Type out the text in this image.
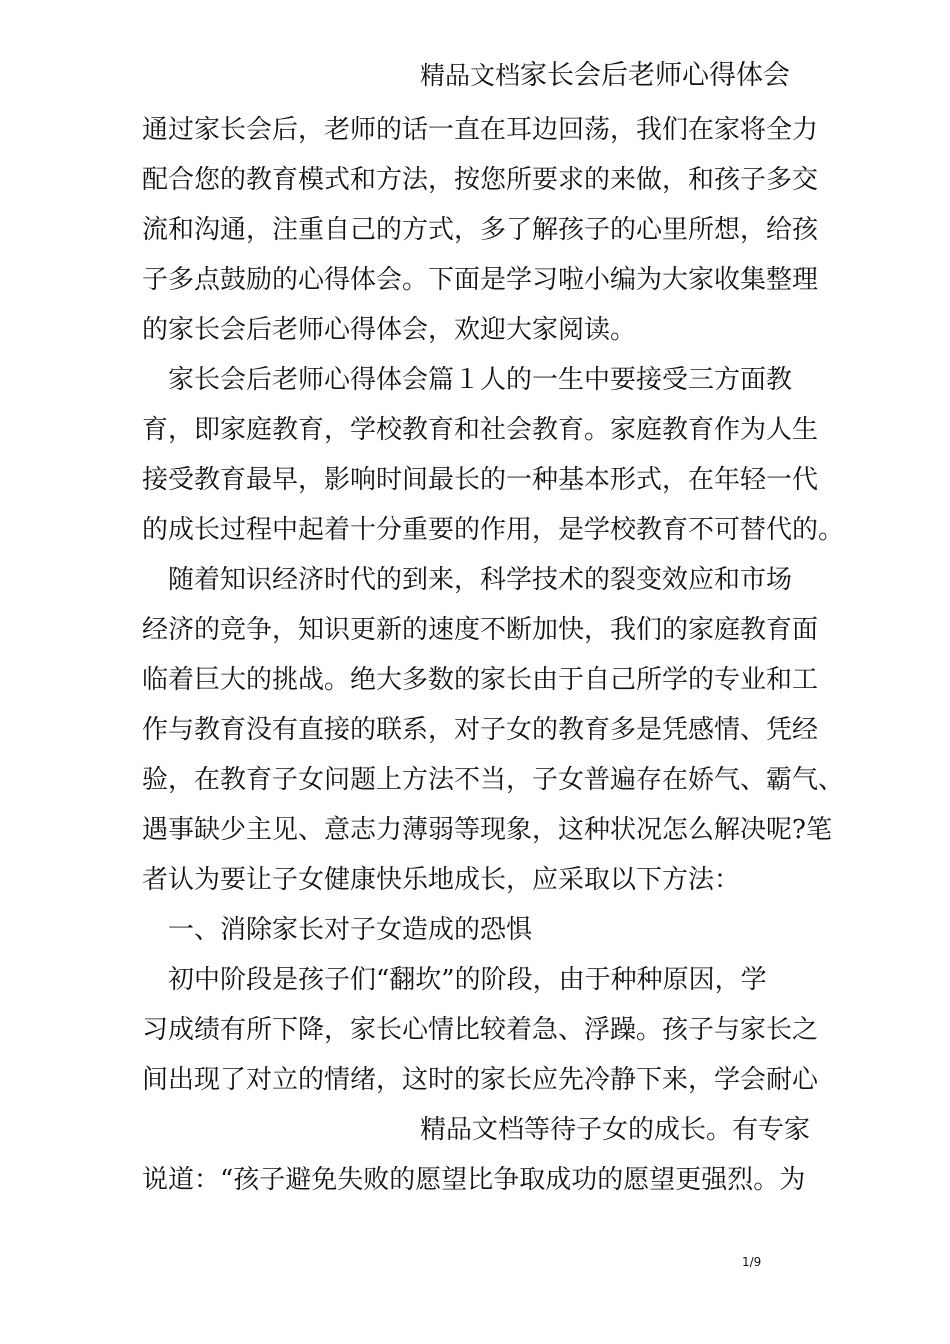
精品文档家长会后老师心得体会
通过家长会后，老师的话一直在耳边回荡，我们在家将全力
配合您的教育模式和方法，按您所要求的来做，和孩子多交
流和沟通，注重自己的方式，多了解孩子的心里所想，给孩
子多点鼓励的心得体会。下面是学习啦小编为大家收集整理
的家长会后老师心得体会，欢迎大家阅读。
　家长会后老师心得体会篇１人的一生中要接受三方面教
育，即家庭教育，学校教育和社会教育。家庭教育作为人生
接受教育最早，影响时间最长的一种基本形式，在年轻一代
的成长过程中起着十分重要的作用，是学校教育不可替代的。
　随着知识经济时代的到来，科学技术的裂变效应和市场
经济的竞争，知识更新的速度不断加快，我们的家庭教育面
临着巨大的挑战。绝大多数的家长由于自己所学的专业和工
作与教育没有直接的联系，对子女的教育多是凭感情、凭经
验，在教育子女问题上方法不当，子女普遍存在娇气、霸气、
遇事缺少主见、意志力薄弱等现象，这种状况怎么解决呢?笔
者认为要让子女健康快乐地成长，应采取以下方法：
　一、消除家长对子女造成的恐惧
　初中阶段是孩子们“翻坎”的阶段，由于种种原因，学
习成绩有所下降，家长心情比较着急、浮躁。孩子与家长之
间出现了对立的情绪，这时的家长应先冷静下来，学会耐心
精品文档等待子女的成长。有专家
说道：“孩子避免失败的愿望比争取成功的愿望更强烈。为
1/9
